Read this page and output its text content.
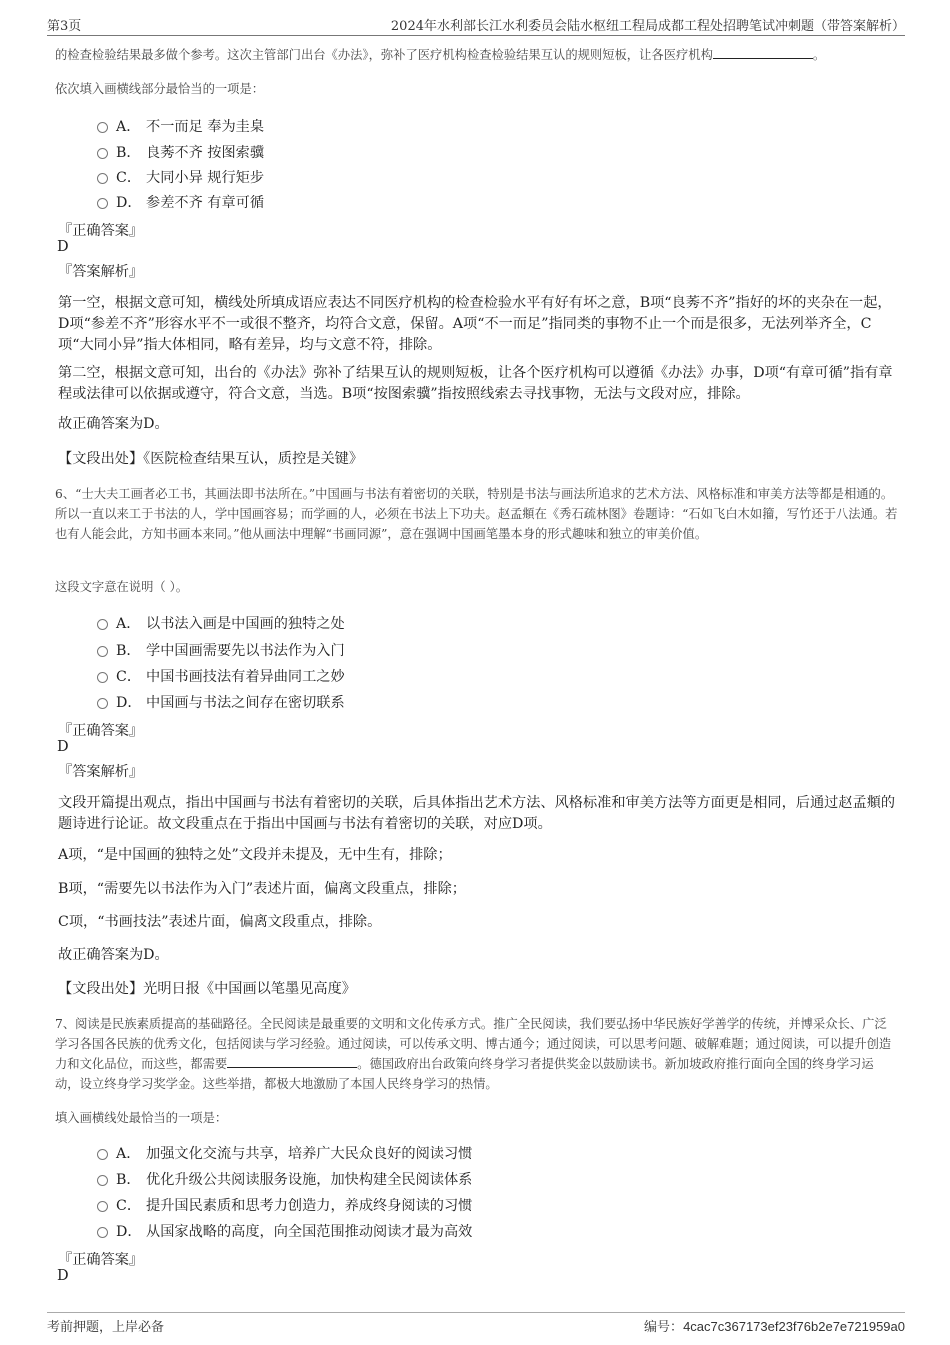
第3页	2024年水利部长江水利委员会陆水枢纽工程局成都工程处招聘笔试冲刺题（带答案解析）

的检查检验结果最多做个参考。这次主管部门出台《办法》，弥补了医疗机构检查检验结果互认的规则短板，让各医疗机构	。

依次填入画横线部分最恰当的一项是：

A． 不一而足 奉为圭臬
B． 良莠不齐 按图索骥
C． 大同小异 规行矩步
D． 参差不齐 有章可循
『正确答案』
D
『答案解析』

第一空，根据文意可知，横线处所填成语应表达不同医疗机构的检查检验水平有好有坏之意，B项“良莠不齐”指好的坏的夹杂在一起，D项“参差不齐”形容水平不一或很不整齐，均符合文意，保留。A项“不一而足”指同类的事物不止一个而是很多，无法列举齐全，C项“大同小异”指大体相同，略有差异，均与文意不符，排除。

第二空，根据文意可知，出台的《办法》弥补了结果互认的规则短板，让各个医疗机构可以遵循《办法》办事，D项“有章可循”指有章程或法律可以依据或遵守，符合文意，当选。B项“按图索骥”指按照线索去寻找事物，无法与文段对应，排除。

故正确答案为D。

【文段出处】《医院检查结果互认，质控是关键》

6、“士大夫工画者必工书，其画法即书法所在。”中国画与书法有着密切的关联，特别是书法与画法所追求的艺术方法、风格标准和审美方法等都是相通的。所以一直以来工于书法的人，学中国画容易；而学画的人，必须在书法上下功夫。赵孟頫在《秀石疏林图》卷题诗：“石如飞白木如籀，写竹还于八法通。若也有人能会此，方知书画本来同。”他从画法中理解“书画同源”，意在强调中国画笔墨本身的形式趣味和独立的审美价值。

这段文字意在说明（ ）。

A． 以书法入画是中国画的独特之处
B． 学中国画需要先以书法作为入门
C． 中国书画技法有着异曲同工之妙
D． 中国画与书法之间存在密切联系
『正确答案』
D
『答案解析』

文段开篇提出观点，指出中国画与书法有着密切的关联，后具体指出艺术方法、风格标准和审美方法等方面更是相同，后通过赵孟頫的题诗进行论证。故文段重点在于指出中国画与书法有着密切的关联，对应D项。

A项，“是中国画的独特之处”文段并未提及，无中生有，排除；

B项，“需要先以书法作为入门”表述片面，偏离文段重点，排除；

C项，“书画技法”表述片面，偏离文段重点，排除。

故正确答案为D。

【文段出处】光明日报《中国画以笔墨见高度》

7、阅读是民族素质提高的基础路径。全民阅读是最重要的文明和文化传承方式。推广全民阅读，我们要弘扬中华民族好学善学的传统，并博采众长、广泛学习各国各民族的优秀文化，包括阅读与学习经验。通过阅读，可以传承文明、博古通今；通过阅读，可以思考问题、破解难题；通过阅读，可以提升创造力和文化品位，而这些，都需要	。德国政府出台政策向终身学习者提供奖金以鼓励读书。新加坡政府推行面向全国的终身学习运动，设立终身学习奖学金。这些举措，都极大地激励了本国人民终身学习的热情。

填入画横线处最恰当的一项是：

A． 加强文化交流与共享，培养广大民众良好的阅读习惯
B． 优化升级公共阅读服务设施，加快构建全民阅读体系
C． 提升国民素质和思考力创造力，养成终身阅读的习惯
D． 从国家战略的高度，向全国范围推动阅读才最为高效
『正确答案』
D
考前押题，上岸必备	编号：4cac7c367173ef23f76b2e7e721959a0
